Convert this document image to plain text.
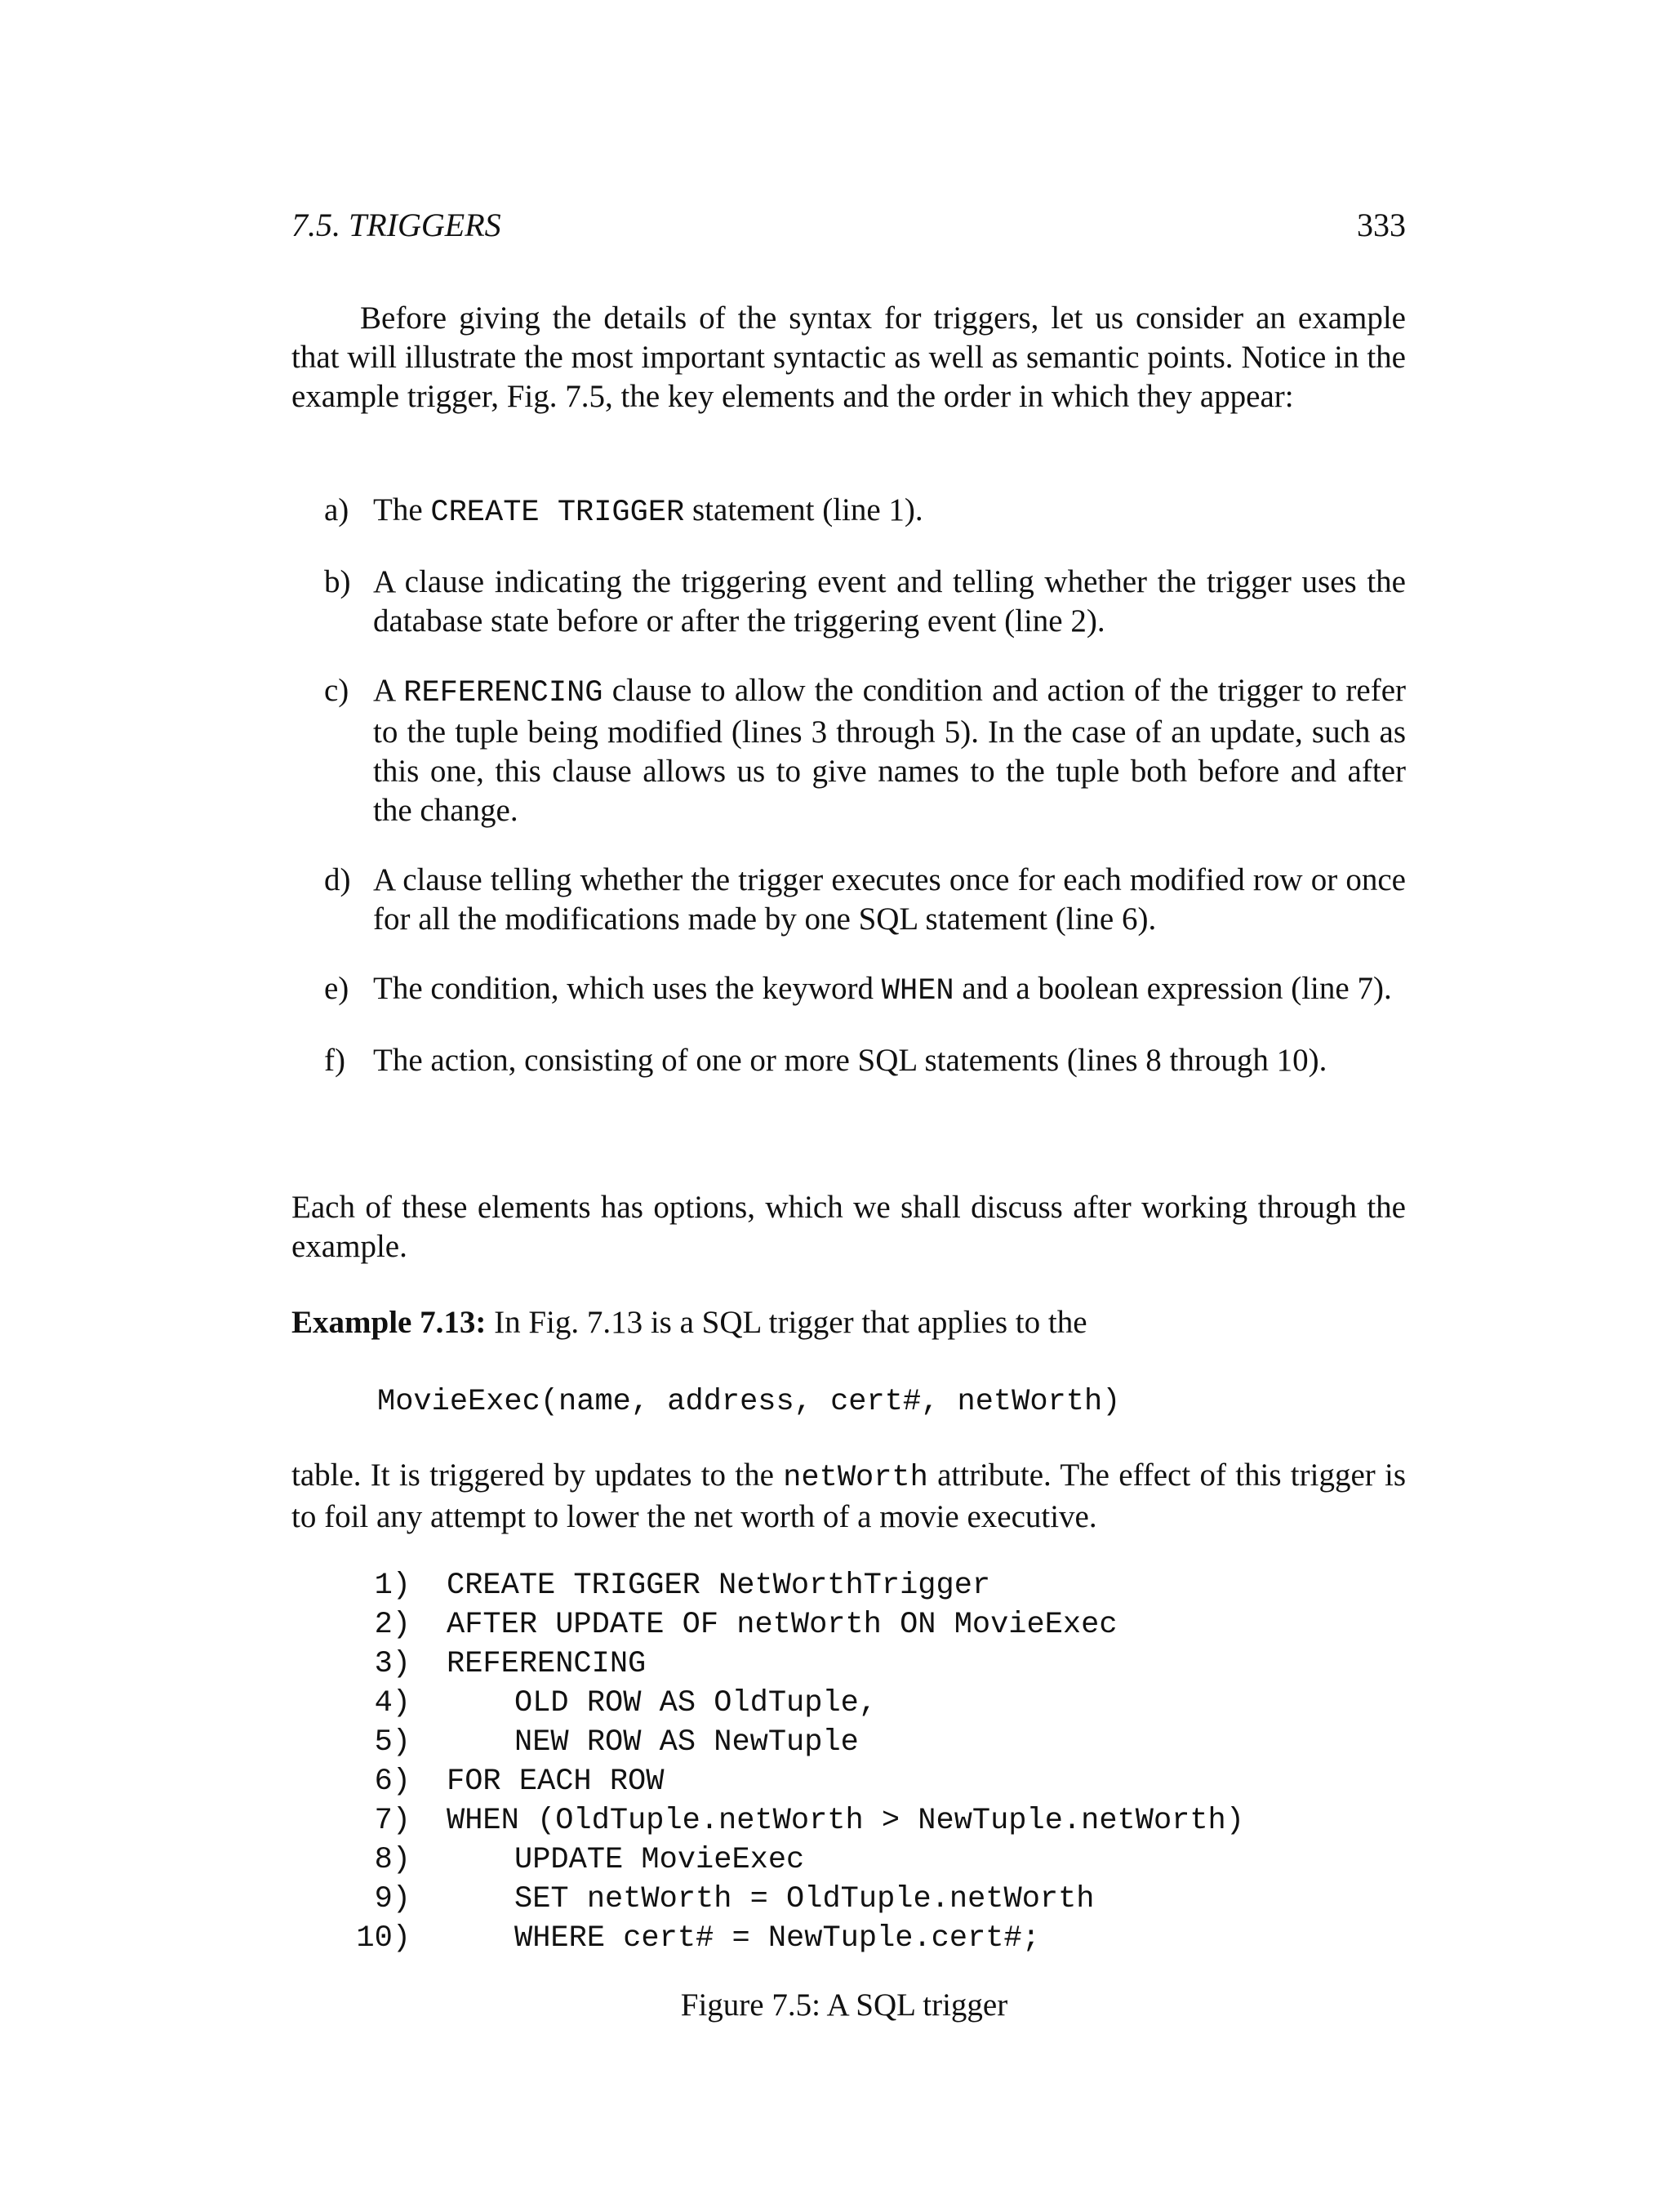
7.5. TRIGGERS	333

Before giving the details of the syntax for triggers, let us consider an example that will illustrate the most important syntactic as well as semantic points. Notice in the example trigger, Fig. 7.5, the key elements and the order in which they appear:

a) The CREATE TRIGGER statement (line 1).
b) A clause indicating the triggering event and telling whether the trigger uses the database state before or after the triggering event (line 2).
c) A REFERENCING clause to allow the condition and action of the trigger to refer to the tuple being modified (lines 3 through 5). In the case of an update, such as this one, this clause allows us to give names to the tuple both before and after the change.
d) A clause telling whether the trigger executes once for each modified row or once for all the modifications made by one SQL statement (line 6).
e) The condition, which uses the keyword WHEN and a boolean expression (line 7).
f) The action, consisting of one or more SQL statements (lines 8 through 10).

Each of these elements has options, which we shall discuss after working through the example.

Example 7.13: In Fig. 7.13 is a SQL trigger that applies to the
MovieExec(name, address, cert#, netWorth)

table. It is triggered by updates to the netWorth attribute. The effect of this trigger is to foil any attempt to lower the net worth of a movie executive.

1) CREATE TRIGGER NetWorthTrigger
2) AFTER UPDATE OF netWorth ON MovieExec
3) REFERENCING
4)	OLD ROW AS OldTuple,
5)	NEW ROW AS NewTuple
6) FOR EACH ROW
7) WHEN (OldTuple.netWorth > NewTuple.netWorth)
8)	UPDATE MovieExec
9)	SET netWorth = OldTuple.netWorth
10)	WHERE cert# = NewTuple.cert#;
Figure 7.5: A SQL trigger
